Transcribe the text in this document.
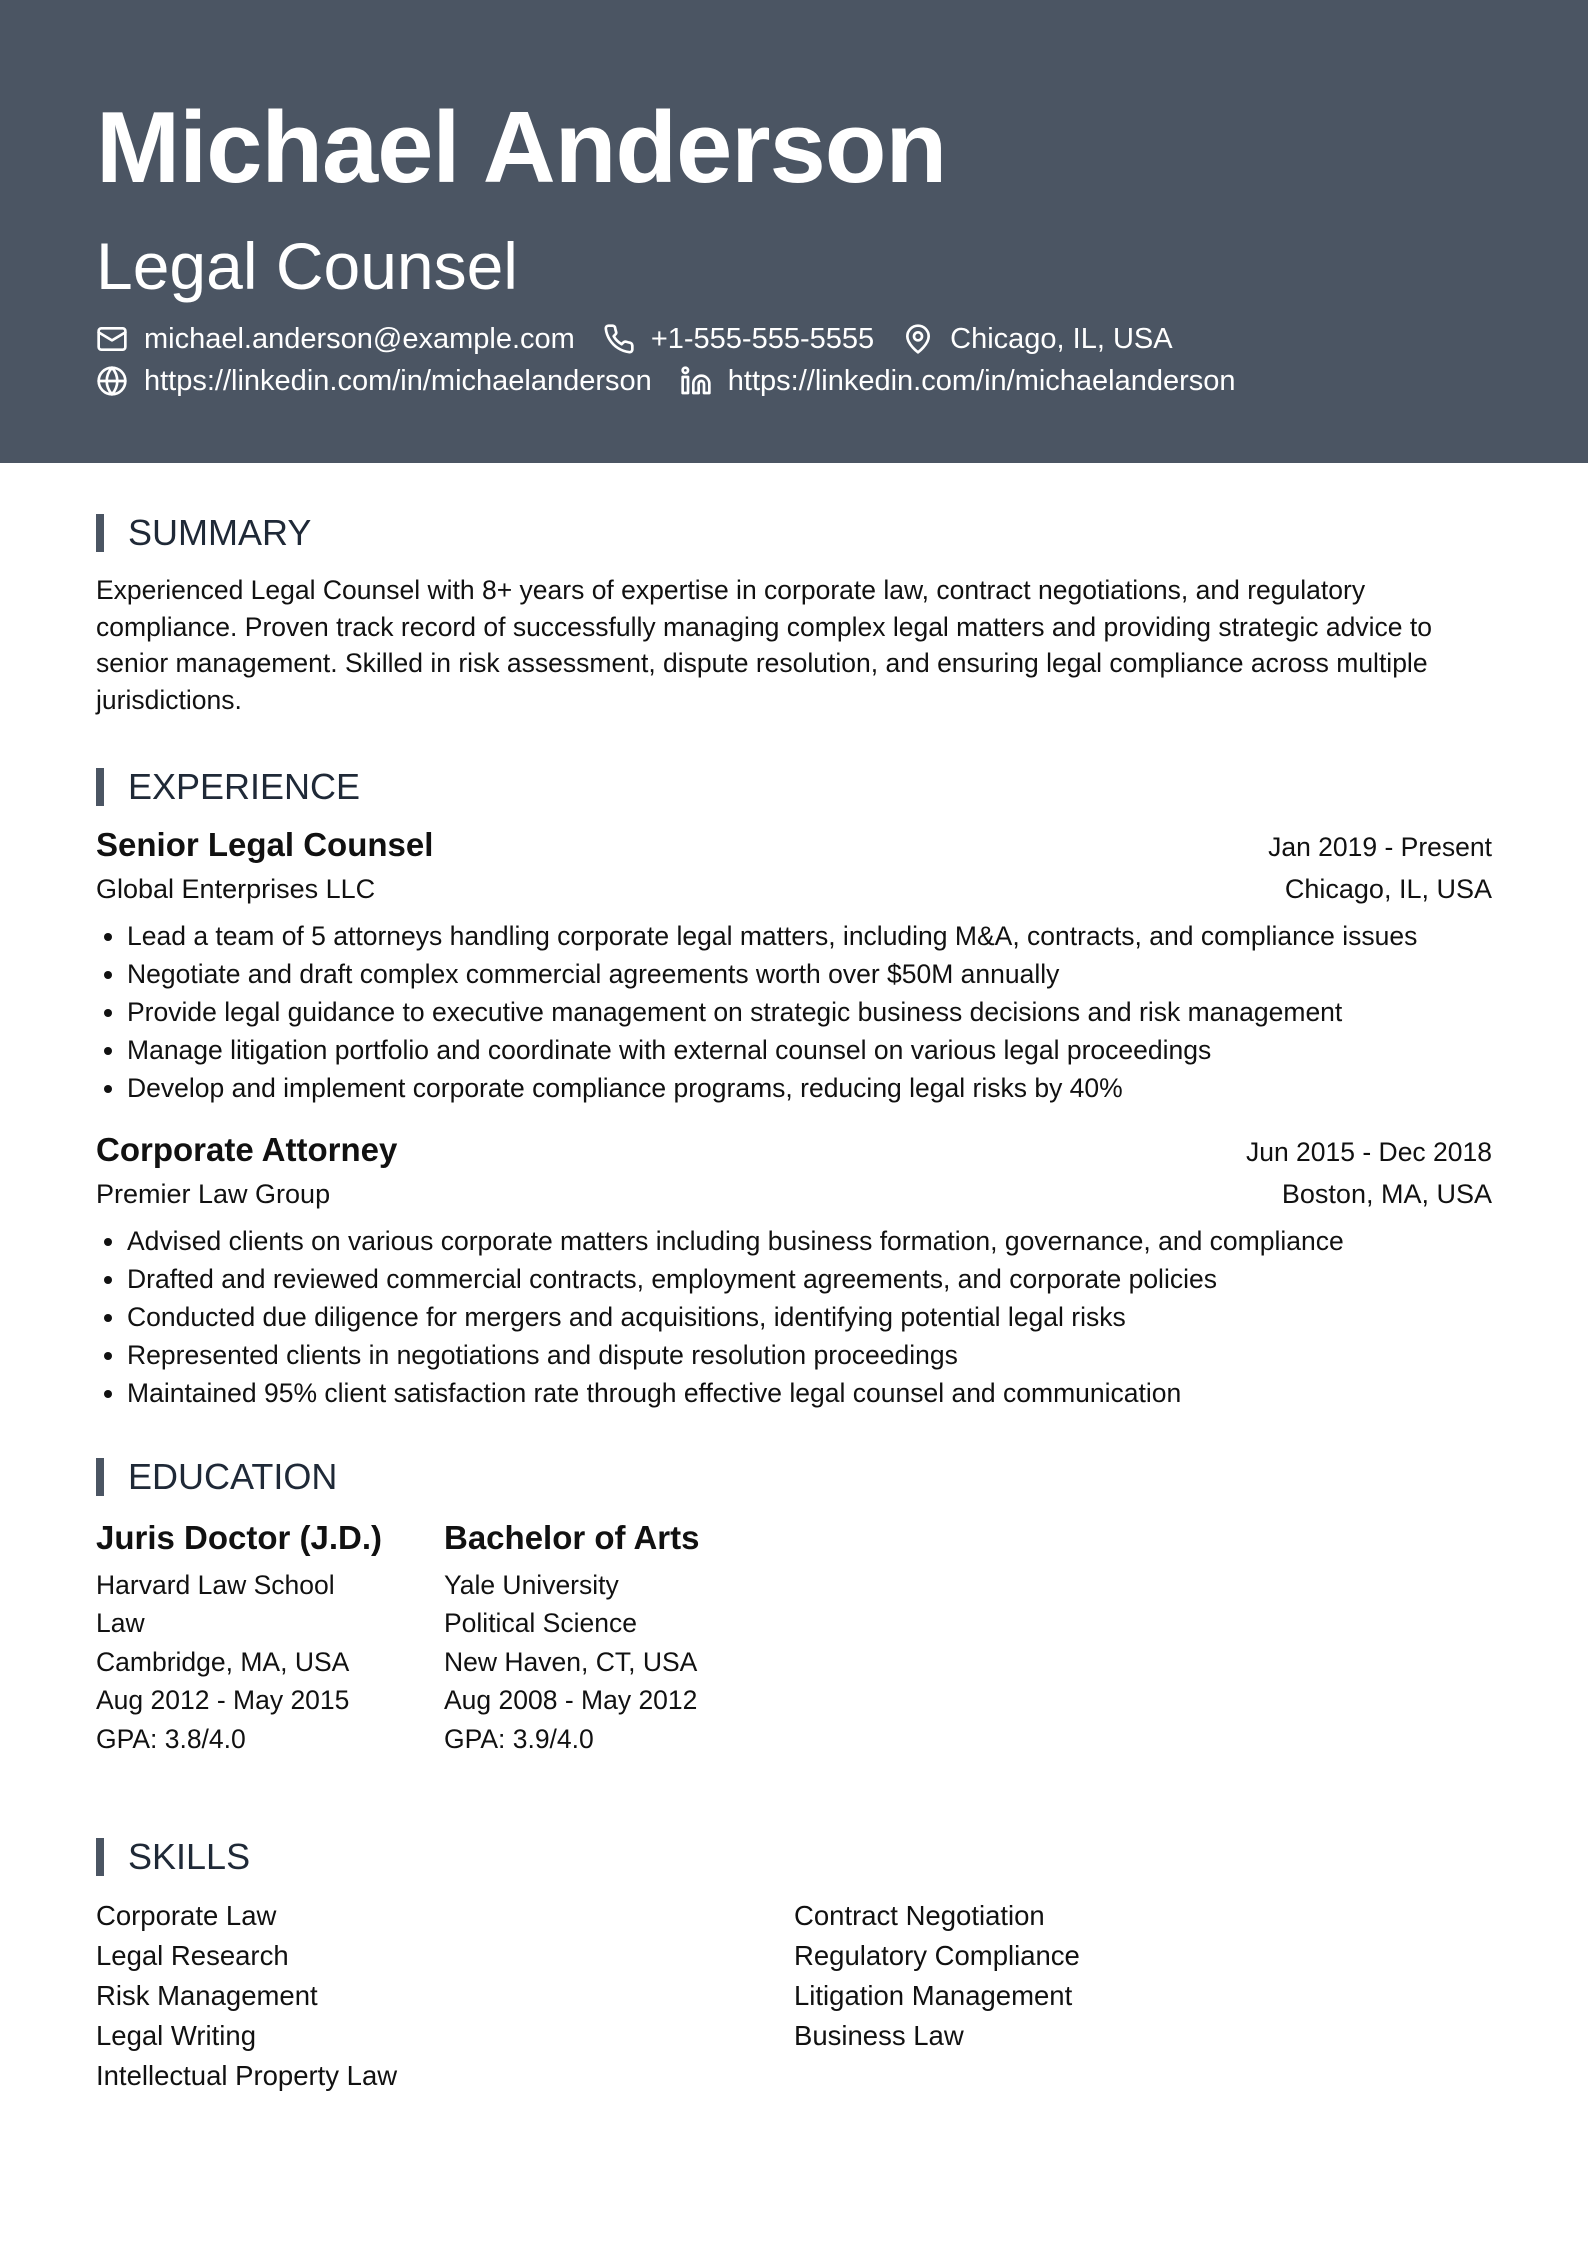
Michael Anderson
Legal Counsel
michael.anderson@example.com	+1-555-555-5555	Chicago, IL, USA
https://linkedin.com/in/michaelanderson	https://linkedin.com/in/michaelanderson
SUMMARY
Experienced Legal Counsel with 8+ years of expertise in corporate law, contract negotiations, and regulatory compliance. Proven track record of successfully managing complex legal matters and providing strategic advice to senior management. Skilled in risk assessment, dispute resolution, and ensuring legal compliance across multiple jurisdictions.
EXPERIENCE
Senior Legal Counsel	Jan 2019 - Present
Global Enterprises LLC	Chicago, IL, USA
• Lead a team of 5 attorneys handling corporate legal matters, including M&A, contracts, and compliance issues
• Negotiate and draft complex commercial agreements worth over $50M annually
• Provide legal guidance to executive management on strategic business decisions and risk management
• Manage litigation portfolio and coordinate with external counsel on various legal proceedings
• Develop and implement corporate compliance programs, reducing legal risks by 40%
Corporate Attorney	Jun 2015 - Dec 2018
Premier Law Group	Boston, MA, USA
• Advised clients on various corporate matters including business formation, governance, and compliance
• Drafted and reviewed commercial contracts, employment agreements, and corporate policies
• Conducted due diligence for mergers and acquisitions, identifying potential legal risks
• Represented clients in negotiations and dispute resolution proceedings
• Maintained 95% client satisfaction rate through effective legal counsel and communication
EDUCATION
Juris Doctor (J.D.)
Harvard Law School
Law
Cambridge, MA, USA
Aug 2012 - May 2015
GPA: 3.8/4.0
Bachelor of Arts
Yale University
Political Science
New Haven, CT, USA
Aug 2008 - May 2012
GPA: 3.9/4.0
SKILLS
Corporate Law
Legal Research
Risk Management
Legal Writing
Intellectual Property Law
Contract Negotiation
Regulatory Compliance
Litigation Management
Business Law
